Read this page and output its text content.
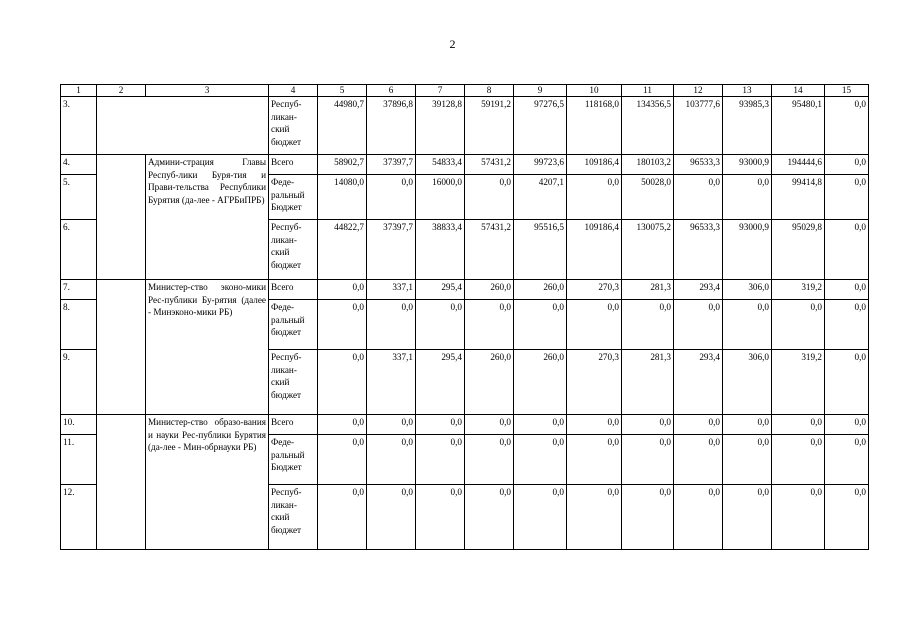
2
1	2	3	4	5	6	7	8	9	10	11	12	13	14	15
3.			Респуб-ликан-ский бюджет	44980,7	37896,8	39128,8	59191,2	97276,5	118168,0	134356,5	103777,6	93985,3	95480,1	0,0
4.		Админи-страция Главы Респуб-лики Буря-тия и Прави-тельства Республики Бурятия (да-лее - АГРБиПРБ)	Всего	58902,7	37397,7	54833,4	57431,2	99723,6	109186,4	180103,2	96533,3	93000,9	194444,6	0,0
5.			Феде-ральный Бюджет	14080,0	0,0	16000,0	0,0	4207,1	0,0	50028,0	0,0	0,0	99414,8	0,0
6.			Респуб-ликан-ский бюджет	44822,7	37397,7	38833,4	57431,2	95516,5	109186,4	130075,2	96533,3	93000,9	95029,8	0,0
7.		Министер-ство эконо-мики Рес-публики Бу-рятия (далее - Минэконо-мики РБ)	Всего	0,0	337,1	295,4	260,0	260,0	270,3	281,3	293,4	306,0	319,2	0,0
8.			Феде-ральный бюджет	0,0	0,0	0,0	0,0	0,0	0,0	0,0	0,0	0,0	0,0	0,0
9.			Респуб-ликан-ский бюджет	0,0	337,1	295,4	260,0	260,0	270,3	281,3	293,4	306,0	319,2	0,0
10.		Министер-ство образо-вания и науки Рес-публики Бурятия (да-лее - Мин-обрнауки РБ)	Всего	0,0	0,0	0,0	0,0	0,0	0,0	0,0	0,0	0,0	0,0	0,0
11.			Феде-ральный Бюджет	0,0	0,0	0,0	0,0	0,0	0,0	0,0	0,0	0,0	0,0	0,0
12.			Респуб-ликан-ский бюджет	0,0	0,0	0,0	0,0	0,0	0,0	0,0	0,0	0,0	0,0	0,0
